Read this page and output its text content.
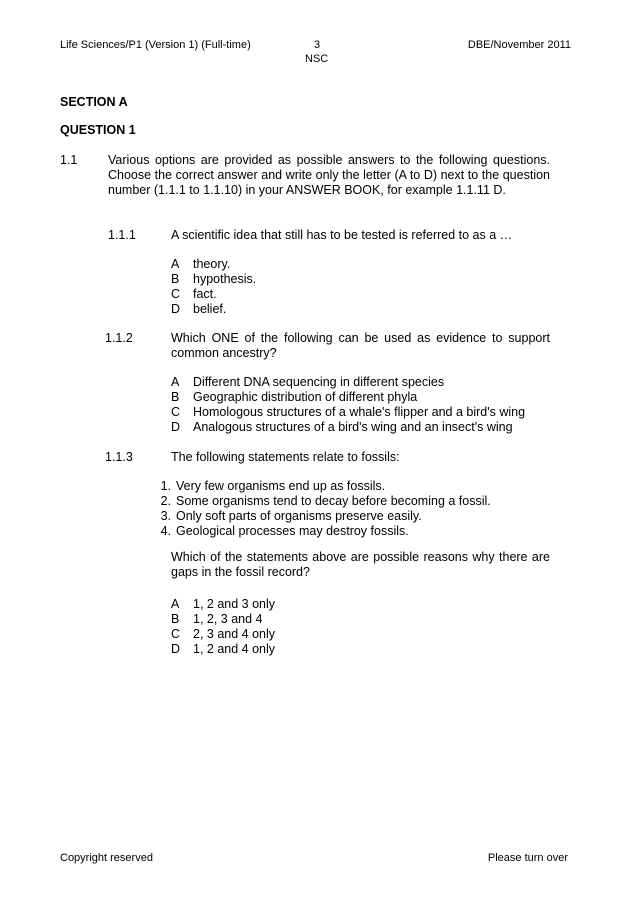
Life Sciences/P1 (Version 1) (Full-time)	3
NSC
DBE/November 2011
SECTION A
QUESTION 1
1.1 Various options are provided as possible answers to the following questions. Choose the correct answer and write only the letter (A to D) next to the question number (1.1.1 to 1.1.10) in your ANSWER BOOK, for example 1.1.11 D.
1.1.1	A scientific idea that still has to be tested is referred to as a …
A theory.
B hypothesis.
C fact.
D belief.
1.1.2	Which ONE of the following can be used as evidence to support common ancestry?
A Different DNA sequencing in different species
B Geographic distribution of different phyla
C Homologous structures of a whale's flipper and a bird's wing
D Analogous structures of a bird's wing and an insect's wing
1.1.3	The following statements relate to fossils:
1. Very few organisms end up as fossils.
2. Some organisms tend to decay before becoming a fossil.
3. Only soft parts of organisms preserve easily.
4. Geological processes may destroy fossils.
Which of the statements above are possible reasons why there are gaps in the fossil record?
A 1, 2 and 3 only
B 1, 2, 3 and 4
C 2, 3 and 4 only
D 1, 2 and 4 only
Copyright reserved	Please turn over
